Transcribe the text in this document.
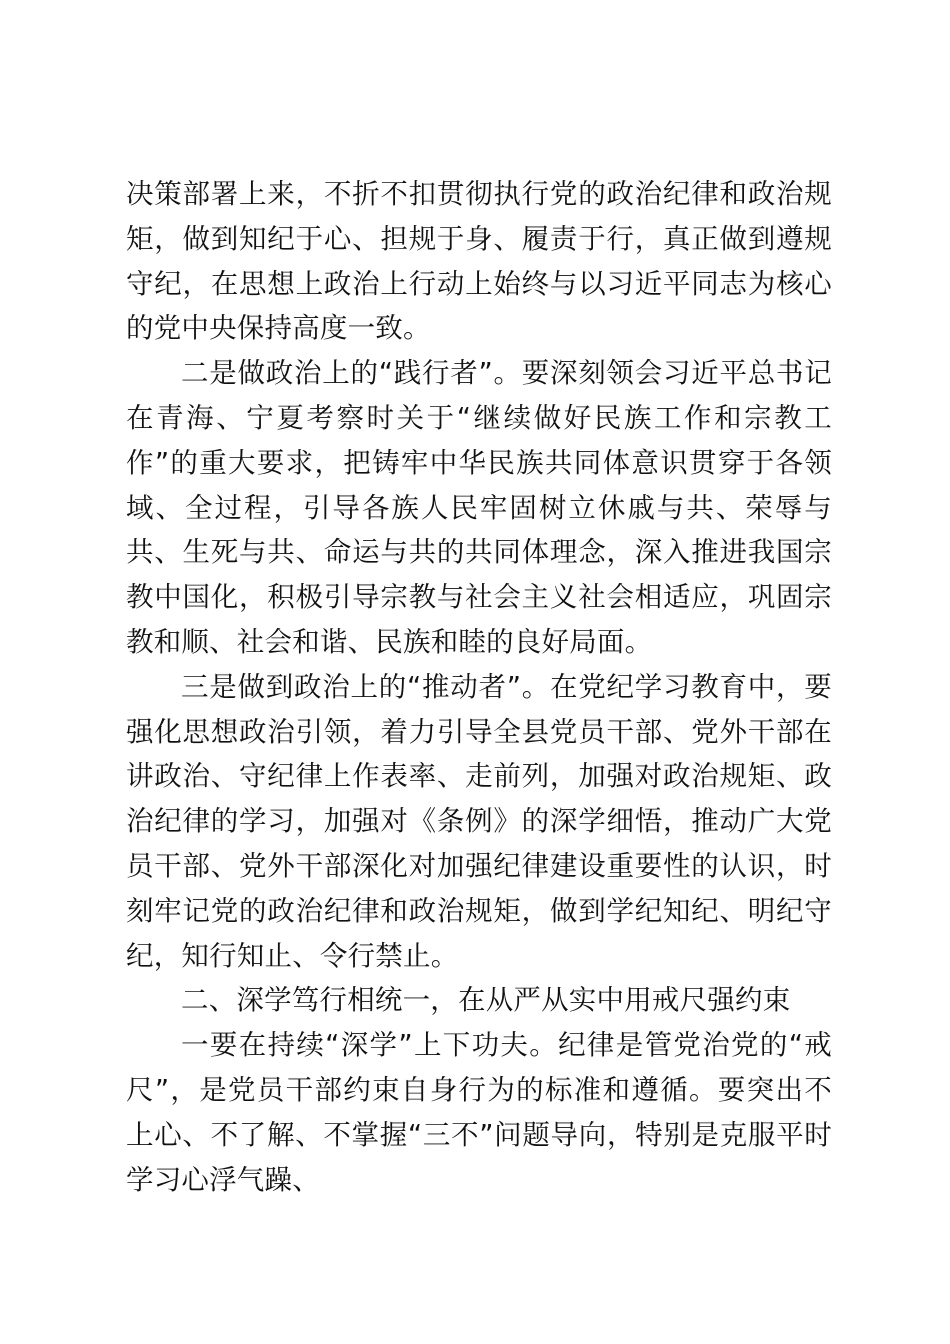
决策部署上来，不折不扣贯彻执行党的政治纪律和政治规矩，做到知纪于心、担规于身、履责于行，真正做到遵规守纪，在思想上政治上行动上始终与以习近平同志为核心的党中央保持高度一致。

二是做政治上的“践行者”。要深刻领会习近平总书记在青海、宁夏考察时关于“继续做好民族工作和宗教工作”的重大要求，把铸牢中华民族共同体意识贯穿于各领域、全过程，引导各族人民牢固树立休戚与共、荣辱与共、生死与共、命运与共的共同体理念，深入推进我国宗教中国化，积极引导宗教与社会主义社会相适应，巩固宗教和顺、社会和谐、民族和睦的良好局面。

三是做到政治上的“推动者”。在党纪学习教育中，要强化思想政治引领，着力引导全县党员干部、党外干部在讲政治、守纪律上作表率、走前列，加强对政治规矩、政治纪律的学习，加强对《条例》的深学细悟，推动广大党员干部、党外干部深化对加强纪律建设重要性的认识，时刻牢记党的政治纪律和政治规矩，做到学纪知纪、明纪守纪，知行知止、令行禁止。

二、深学笃行相统一，在从严从实中用戒尺强约束

一要在持续“深学”上下功夫。纪律是管党治党的“戒尺”，是党员干部约束自身行为的标准和遵循。要突出不上心、不了解、不掌握“三不”问题导向，特别是克服平时学习心浮气躁、
